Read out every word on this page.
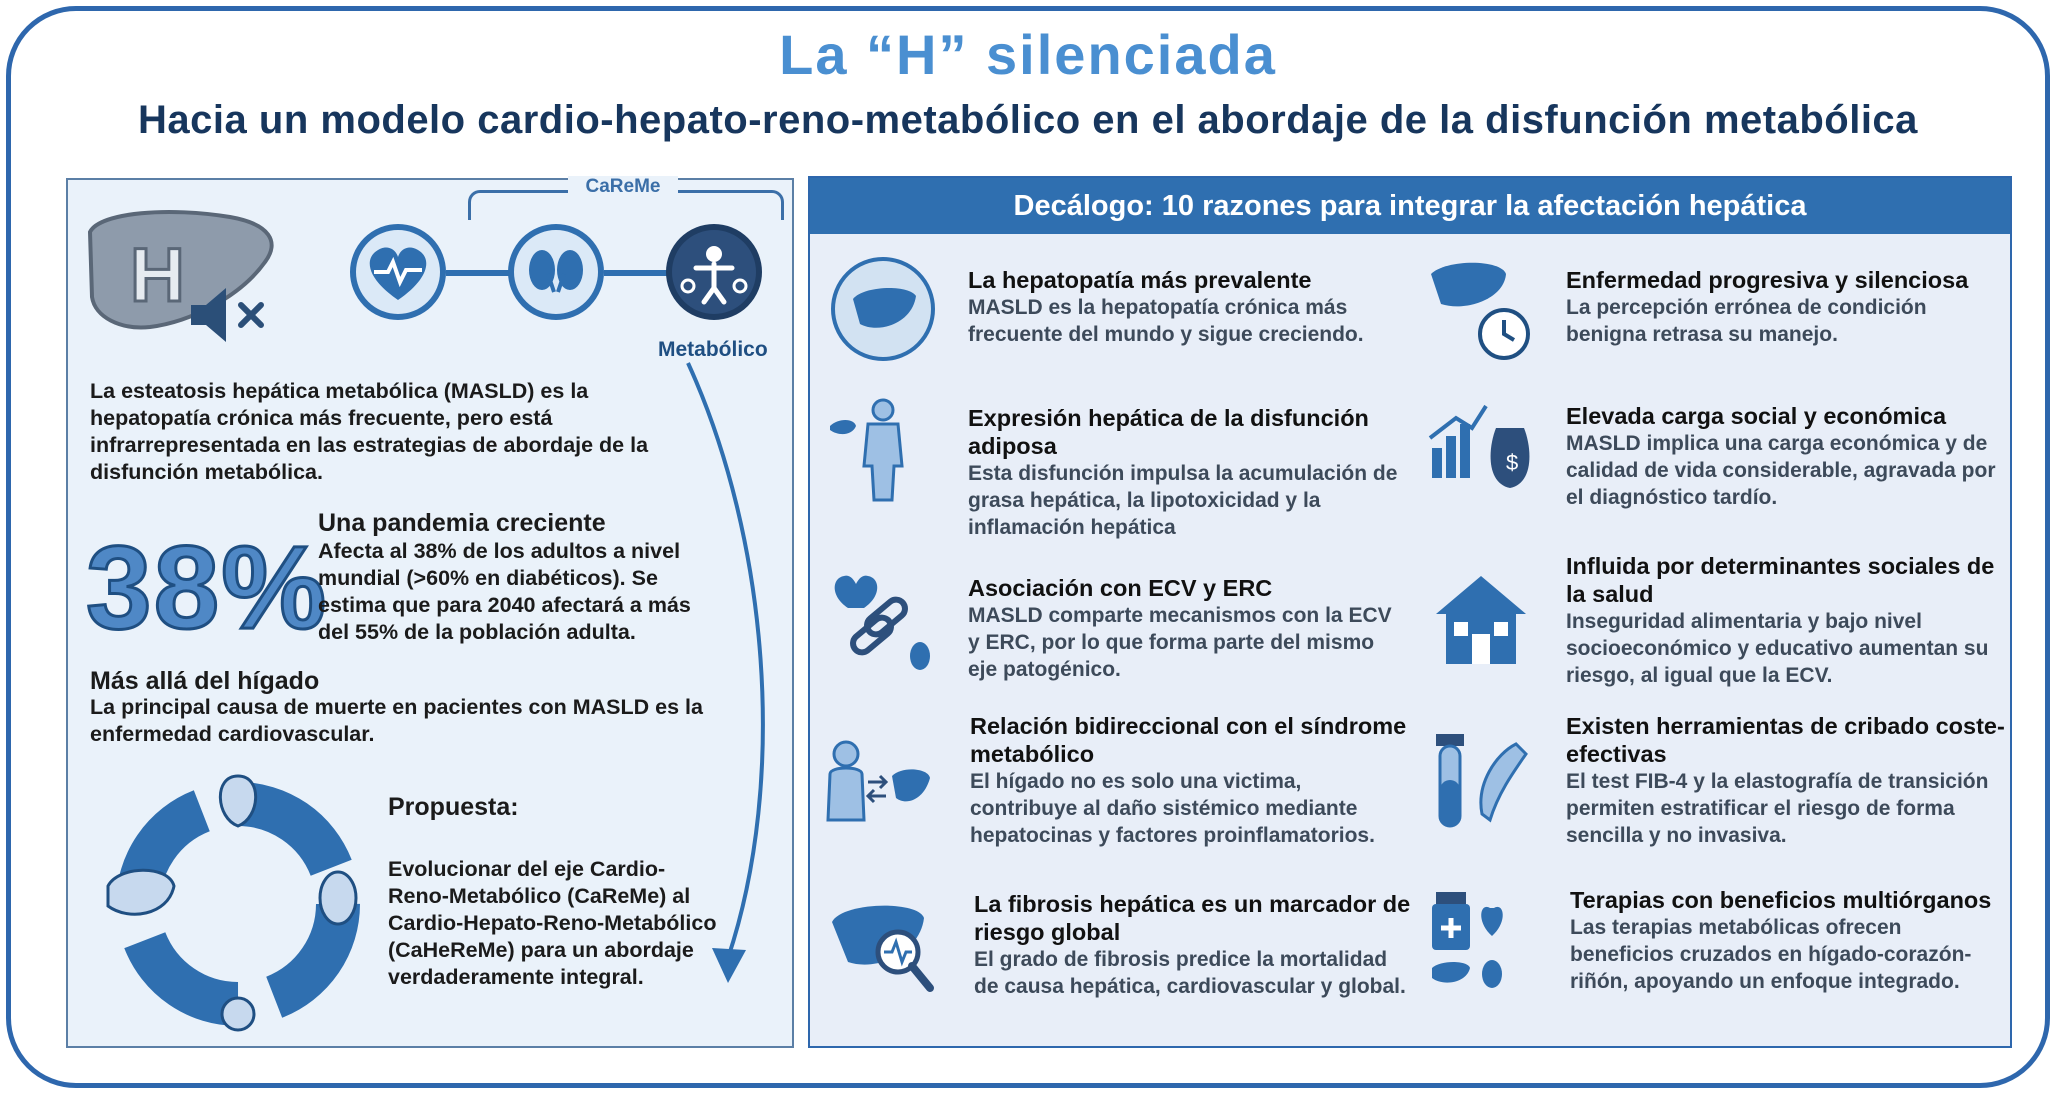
La “H” silenciada
Hacia un modelo cardio-hepato-reno-metabólico en el abordaje de la disfunción metabólica
H
CaReMe
Metabólico
La esteatosis hepática metabólica (MASLD) es la hepatopatía crónica más frecuente, pero está infrarrepresentada en las estrategias de abordaje de la disfunción metabólica.
38%
Una pandemia creciente
Afecta al 38% de los adultos a nivel mundial (>60% en diabéticos). Se estima que para 2040 afectará a más del 55% de la población adulta.
Más allá del hígado
La principal causa de muerte en pacientes con MASLD es la enfermedad cardiovascular.
Propuesta:
Evolucionar del eje Cardio-Reno-Metabólico (CaReMe) al Cardio-Hepato-Reno-Metabólico (CaHeReMe) para un abordaje verdaderamente integral.
Decálogo: 10 razones para integrar la afectación hepática
La hepatopatía más prevalente
MASLD es la hepatopatía crónica más frecuente del mundo y sigue creciendo.
Enfermedad progresiva y silenciosa
La percepción errónea de condición benigna retrasa su manejo.
Expresión hepática de la disfunción adiposa
Esta disfunción impulsa la acumulación de grasa hepática, la lipotoxicidad y la inflamación hepática
$
Elevada carga social y económica
MASLD implica una carga económica y de calidad de vida considerable, agravada por el diagnóstico tardío.
Asociación con ECV y ERC
MASLD comparte mecanismos con la ECV y ERC, por lo que forma parte del mismo eje patogénico.
Influida por determinantes sociales de la salud
Inseguridad alimentaria y bajo nivel socioeconómico y educativo aumentan su riesgo, al igual que la ECV.
Relación bidireccional con el síndrome metabólico
El hígado no es solo una victima, contribuye al daño sistémico mediante hepatocinas y factores proinflamatorios.
Existen herramientas de cribado coste-efectivas
El test FIB-4 y la elastografía de transición permiten estratificar el riesgo de forma sencilla y no invasiva.
La fibrosis hepática es un marcador de riesgo global
El grado de fibrosis predice la mortalidad de causa hepática, cardiovascular y global.
Terapias con beneficios multiórganos
Las terapias metabólicas ofrecen beneficios cruzados en hígado-corazón-riñón, apoyando un enfoque integrado.
